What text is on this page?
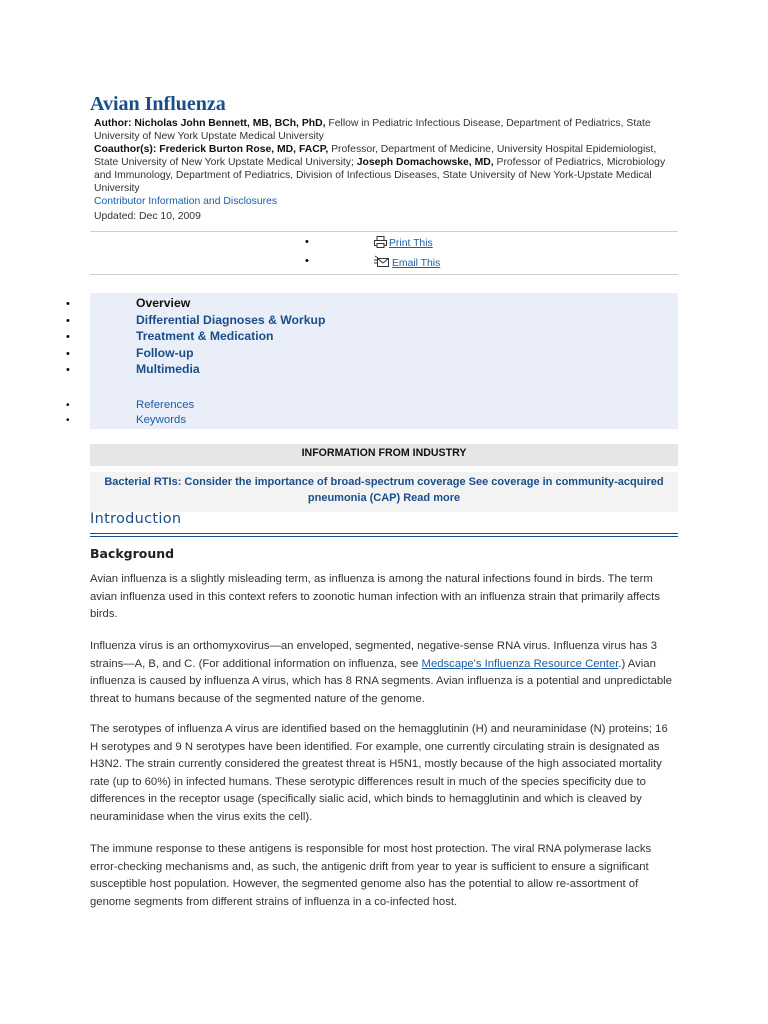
Avian Influenza
Author: Nicholas John Bennett, MB, BCh, PhD, Fellow in Pediatric Infectious Disease, Department of Pediatrics, State University of New York Upstate Medical University
Coauthor(s): Frederick Burton Rose, MD, FACP, Professor, Department of Medicine, University Hospital Epidemiologist, State University of New York Upstate Medical University; Joseph Domachowske, MD, Professor of Pediatrics, Microbiology and Immunology, Department of Pediatrics, Division of Infectious Diseases, State University of New York-Upstate Medical University
Contributor Information and Disclosures
Updated: Dec 10, 2009
•	Print This
•	Email This
•	Overview
•	Differential Diagnoses & Workup
•	Treatment & Medication
•	Follow-up
•	Multimedia
•	References
•	Keywords
INFORMATION FROM INDUSTRY
Bacterial RTIs: Consider the importance of broad-spectrum coverage See coverage in community-acquired pneumonia (CAP) Read more
Introduction
Background

Avian influenza is a slightly misleading term, as influenza is among the natural infections found in birds. The term avian influenza used in this context refers to zoonotic human infection with an influenza strain that primarily affects birds.

Influenza virus is an orthomyxovirus—an enveloped, segmented, negative-sense RNA virus. Influenza virus has 3 strains—A, B, and C. (For additional information on influenza, see Medscape's Influenza Resource Center.) Avian influenza is caused by influenza A virus, which has 8 RNA segments. Avian influenza is a potential and unpredictable threat to humans because of the segmented nature of the genome.

The serotypes of influenza A virus are identified based on the hemagglutinin (H) and neuraminidase (N) proteins; 16 H serotypes and 9 N serotypes have been identified. For example, one currently circulating strain is designated as H3N2. The strain currently considered the greatest threat is H5N1, mostly because of the high associated mortality rate (up to 60%) in infected humans. These serotypic differences result in much of the species specificity due to differences in the receptor usage (specifically sialic acid, which binds to hemagglutinin and which is cleaved by neuraminidase when the virus exits the cell).

The immune response to these antigens is responsible for most host protection. The viral RNA polymerase lacks error-checking mechanisms and, as such, the antigenic drift from year to year is sufficient to ensure a significant susceptible host population. However, the segmented genome also has the potential to allow re-assortment of genome segments from different strains of influenza in a co-infected host.
